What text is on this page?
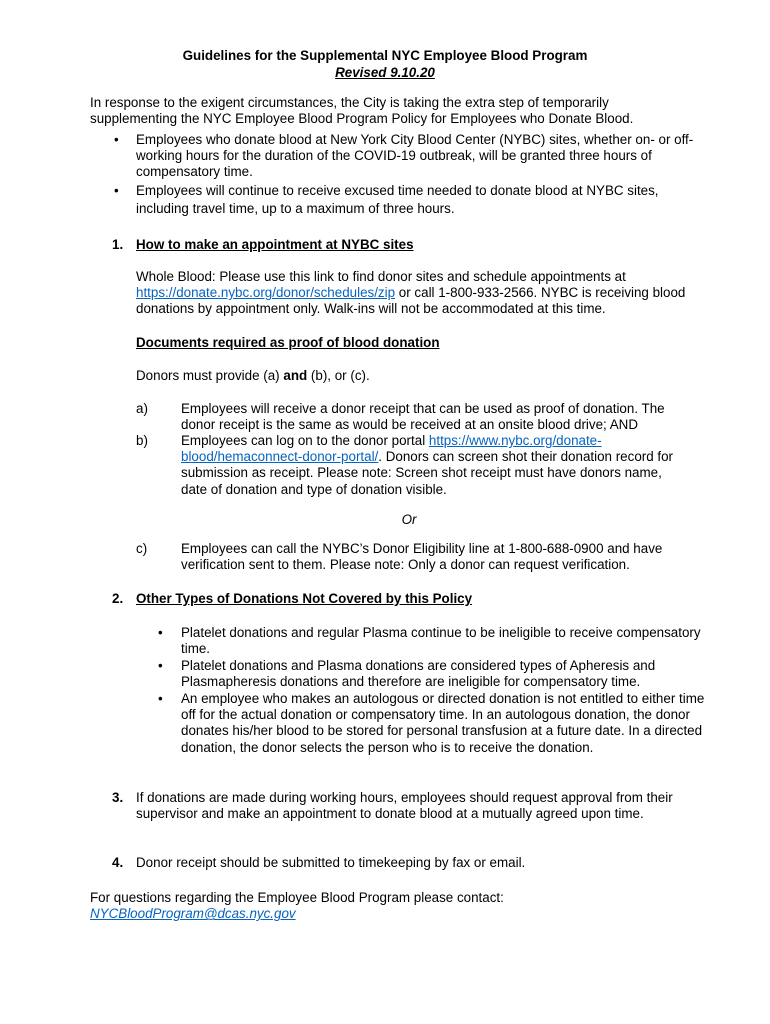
Guidelines for the Supplemental NYC Employee Blood Program
Revised 9.10.20
In response to the exigent circumstances, the City is taking the extra step of temporarily supplementing the NYC Employee Blood Program Policy for Employees who Donate Blood.
• Employees who donate blood at New York City Blood Center (NYBC) sites, whether on- or off- working hours for the duration of the COVID-19 outbreak, will be granted three hours of compensatory time.
• Employees will continue to receive excused time needed to donate blood at NYBC sites, including travel time, up to a maximum of three hours.
1. How to make an appointment at NYBC sites
Whole Blood: Please use this link to find donor sites and schedule appointments at https://donate.nybc.org/donor/schedules/zip or call 1-800-933-2566. NYBC is receiving blood donations by appointment only. Walk-ins will not be accommodated at this time.
Documents required as proof of blood donation
Donors must provide (a) and (b), or (c).
a) Employees will receive a donor receipt that can be used as proof of donation. The donor receipt is the same as would be received at an onsite blood drive; AND
b) Employees can log on to the donor portal https://www.nybc.org/donate-blood/hemaconnect-donor-portal/. Donors can screen shot their donation record for submission as receipt. Please note: Screen shot receipt must have donors name, date of donation and type of donation visible.
Or
c)	Employees can call the NYBC’s Donor Eligibility line at 1-800-688-0900 and have verification sent to them. Please note: Only a donor can request verification.
2. Other Types of Donations Not Covered by this Policy
• Platelet donations and regular Plasma continue to be ineligible to receive compensatory time.
• Platelet donations and Plasma donations are considered types of Apheresis and Plasmapheresis donations and therefore are ineligible for compensatory time.
• An employee who makes an autologous or directed donation is not entitled to either time off for the actual donation or compensatory time. In an autologous donation, the donor donates his/her blood to be stored for personal transfusion at a future date. In a directed donation, the donor selects the person who is to receive the donation.
3. If donations are made during working hours, employees should request approval from their supervisor and make an appointment to donate blood at a mutually agreed upon time.
4. Donor receipt should be submitted to timekeeping by fax or email.
For questions regarding the Employee Blood Program please contact:
NYCBloodProgram@dcas.nyc.gov
